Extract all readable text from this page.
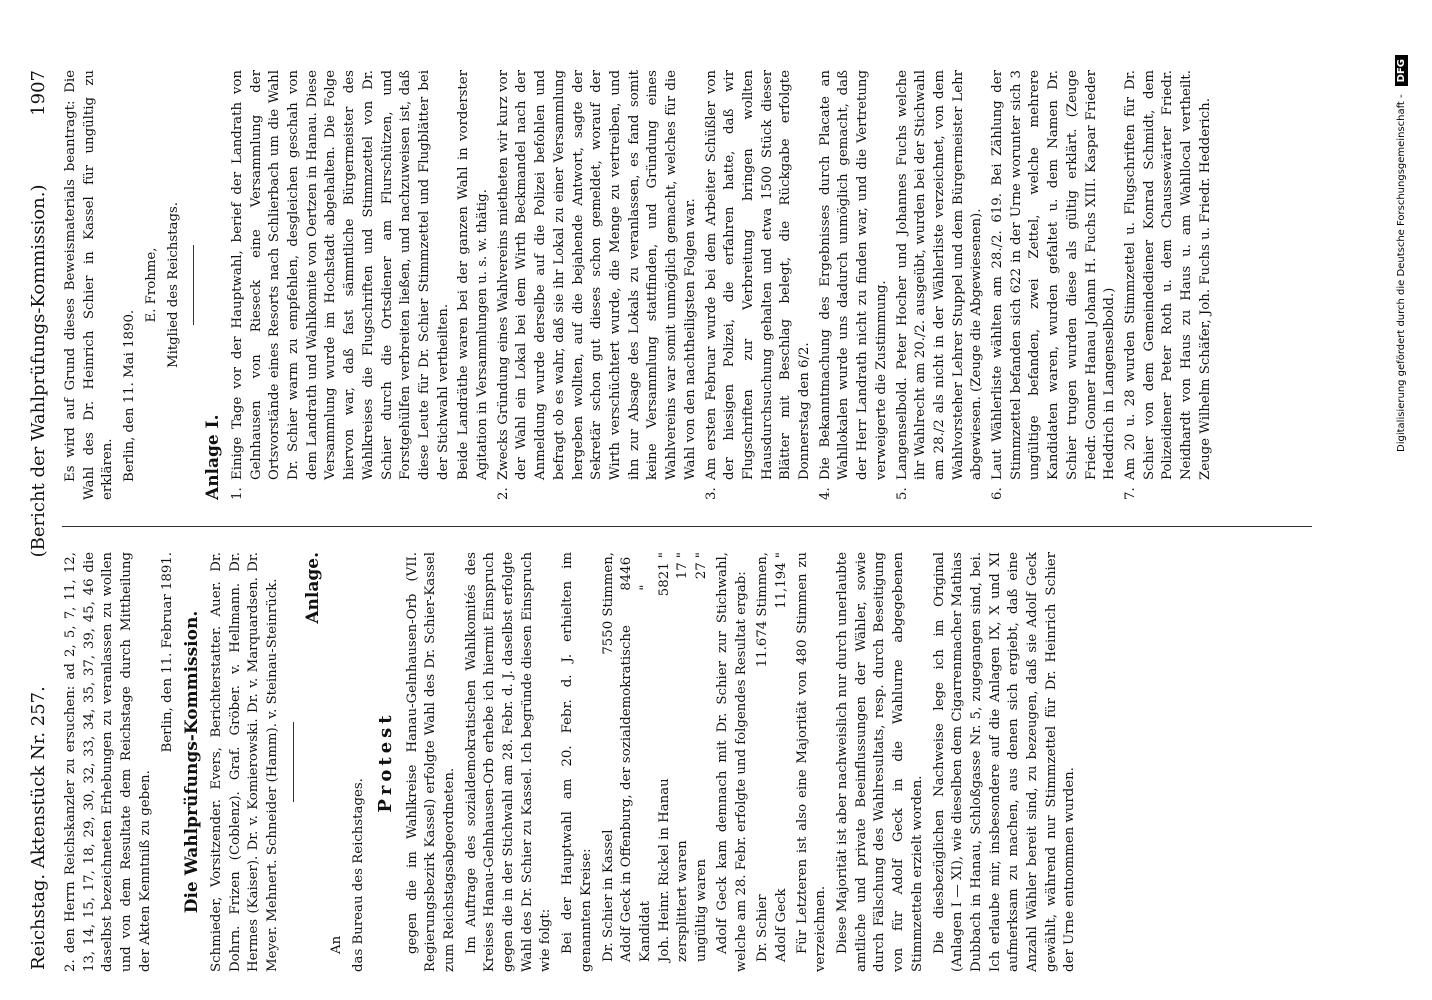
Reichstag. Aktenstück Nr. 257.
(Bericht der Wahlprüfungs-Kommission.)            1907

2. den Herrn Reichskanzler zu ersuchen: ad 2, 5, 7, 11, 12, 13, 14, 15, 17, 18, 29, 30, 32, 33, 34, 35, 37, 39, 45, 46 die daselbst bezeichneten Erhebungen zu veranlassen zu wollen und von dem Resultate dem Reichstage durch Mittheilung der Akten Kenntniß zu geben.

Berlin, den 11. Februar 1891. Die Wahlprüfungs-Kommission. Schmieder, Vorsitzender. Evers, Berichterstatter. Auer. Dr. Dohrn. Frizen (Coblenz). Graf. Gröber. v. Hellmann. Dr. Hermes (Kaiser). Dr. v. Komierowski. Dr. v. Marquardsen. Dr. Meyer. Mehnert. Schneider (Hamm). v. Steinau-Steinrück. Anlage.

An das Bureau des Reichstages.

Protest gegen die im Wahlkreise Hanau-Gelnhausen-Orb (VII. Regierungsbezirk Kassel) erfolgte Wahl des Dr. Schier-Kassel zum Reichstagsabgeordneten. Im Auftrage des sozialdemokratischen Wahlkomités des Kreises Hanau-Gelnhausen-Orb erhebe ich hiermit Einspruch gegen die in der Stichwahl am 28. Febr. d. J. daselbst erfolgte Wahl des Dr. Schier zu Kassel. Ich begründe diesen Einspruch wie folgt: Bei der Hauptwahl am 20. Febr. d. J. erhielten im genannten Kreise: Dr. Schier in Kassel
7550 Stimmen,
Adolf Geck in Offenburg, der sozialdemokratische Kandidat
8446 "
Joh. Heinr. Rickel in Hanau
5821 "
zersplittert waren
17 "
ungültig waren
27 " Adolf Geck kam demnach mit Dr. Schier zur Stichwahl, welche am 28. Febr. erfolgte und folgendes Resultat ergab: Dr. Schier
11.674 Stimmen,
Adolf Geck
11,194 " Für Letzteren ist also eine Majorität von 480 Stimmen zu verzeichnen. Diese Majorität ist aber nachweislich nur durch unerlaubte amtliche und private Beeinflussungen der Wähler, sowie durch Fälschung des Wahlresultats, resp. durch Beseitigung von für Adolf Geck in die Wahlurne abgegebenen Stimmzetteln erzielt worden. Die diesbezüglichen Nachweise lege ich im Original (Anlagen I — XI), wie dieselben dem Cigarrenmacher Mathias Dubbach in Hanau, Schloßgasse Nr. 5, zugegangen sind, bei. Ich erlaube mir, insbesondere auf die Anlagen IX, X und XI aufmerksam zu machen, aus denen sich ergiebt, daß eine Anzahl Wähler bereit sind, zu bezeugen, daß sie Adolf Geck gewählt, während nur Stimmzettel für Dr. Heinrich Schier der Urne entnommen wurden.

Es wird auf Grund dieses Beweismaterials beantragt: Die Wahl des Dr. Heinrich Schier in Kassel für ungültig zu erklären. Berlin, den 11. Mai 1890.

E. Frohme, Mitglied des Reichstags.

Anlage I. 1.
Einige Tage vor der Hauptwahl, berief der Landrath von Gelnhausen von Rieseck eine Versammlung der Ortsvorstände eines Resorts nach Schlierbach um die Wahl Dr. Schier warm zu empfehlen, desgleichen geschah von dem Landrath und Wahlkomite von Oertzen in Hanau. Diese Versammlung wurde im Hochstadt abgehalten. Die Folge hiervon war, daß fast sämmtliche Bürgermeister des Wahlkreises die Flugschriften und Stimmzettel von Dr. Schier durch die Ortsdiener am Flurschützen, und Forstgehülfen verbreiten ließen, und nachzuweisen ist, daß diese Leute für Dr. Schier Stimmzettel und Flugblätter bei der Stichwahl vertheilten. Beide Landräthe waren bei der ganzen Wahl in vorderster Agitation in Versammlungen u. s. w. thätig.
2.
Zwecks Gründung eines Wahlvereins mietheten wir kurz vor der Wahl ein Lokal bei dem Wirth Beckmandel nach der Anmeldung wurde derselbe auf die Polizei befohlen und befragt ob es wahr, daß sie ihr Lokal zu einer Versammlung hergeben wollten, auf die bejahende Antwort, sagte der Sekretär schon gut dieses schon gemeldet, worauf der Wirth verschüchtert wurde, die Menge zu vertreiben, und ihn zur Absage des Lokals zu veranlassen, es fand somit keine Versammlung stattfinden, und Gründung eines Wahlvereins war somit unmöglich gemacht, welches für die Wahl von den nachtheiligsten Folgen war.
3.
Am ersten Februar wurde bei dem Arbeiter Schüßler von der hiesigen Polizei, die erfahren hatte, daß wir Flugschriften zur Verbreitung bringen wollten Hausdurchsuchung gehalten und etwa 1500 Stück dieser Blätter mit Beschlag belegt, die Rückgabe erfolgte Donnerstag den 6/2.
4.
Die Bekanntmachung des Ergebnisses durch Placate an Wahllokalen wurde uns dadurch unmöglich gemacht, daß der Herr Landrath nicht zu finden war, und die Vertretung verweigerte die Zustimmung.
5.
Langenselbold. Peter Hocher und Johannes Fuchs welche ihr Wahlrecht am 20./2. ausgeübt, wurden bei der Stichwahl am 28./2 als nicht in der Wählerliste verzeichnet, von dem Wahlvorsteher Lehrer Stuppel und dem Bürgermeister Lehr abgewiesen. (Zeuge die Abgewiesenen).
6.
Laut Wählerliste wählten am 28./2. 619. Bei Zählung der Stimmzettel befanden sich 622 in der Urne worunter sich 3 ungültige befanden, zwei Zettel, welche mehrere Kandidaten waren, wurden gefaltet u. dem Namen Dr. Schier trugen wurden diese als gültig erklärt. (Zeuge Friedr. Gonner Hanau Johann H. Fuchs XIII. Kaspar Frieder Heddrich in Langenselbold.)
7.
Am 20 u. 28 wurden Stimmzettel u. Flugschriften für Dr. Schier von dem Gemeindediener Konrad Schmidt, dem Polizeidiener Peter Roth u. dem Chaussewärter Friedr. Neidhardt von Haus zu Haus u. am Wahllocal vertheilt. Zeuge Wilhelm Schäfer, Joh. Fuchs u. Friedr. Hedderich.	Digitalisierung gefördert durch die Deutsche Forschungsgemeinschaft -
DFG
